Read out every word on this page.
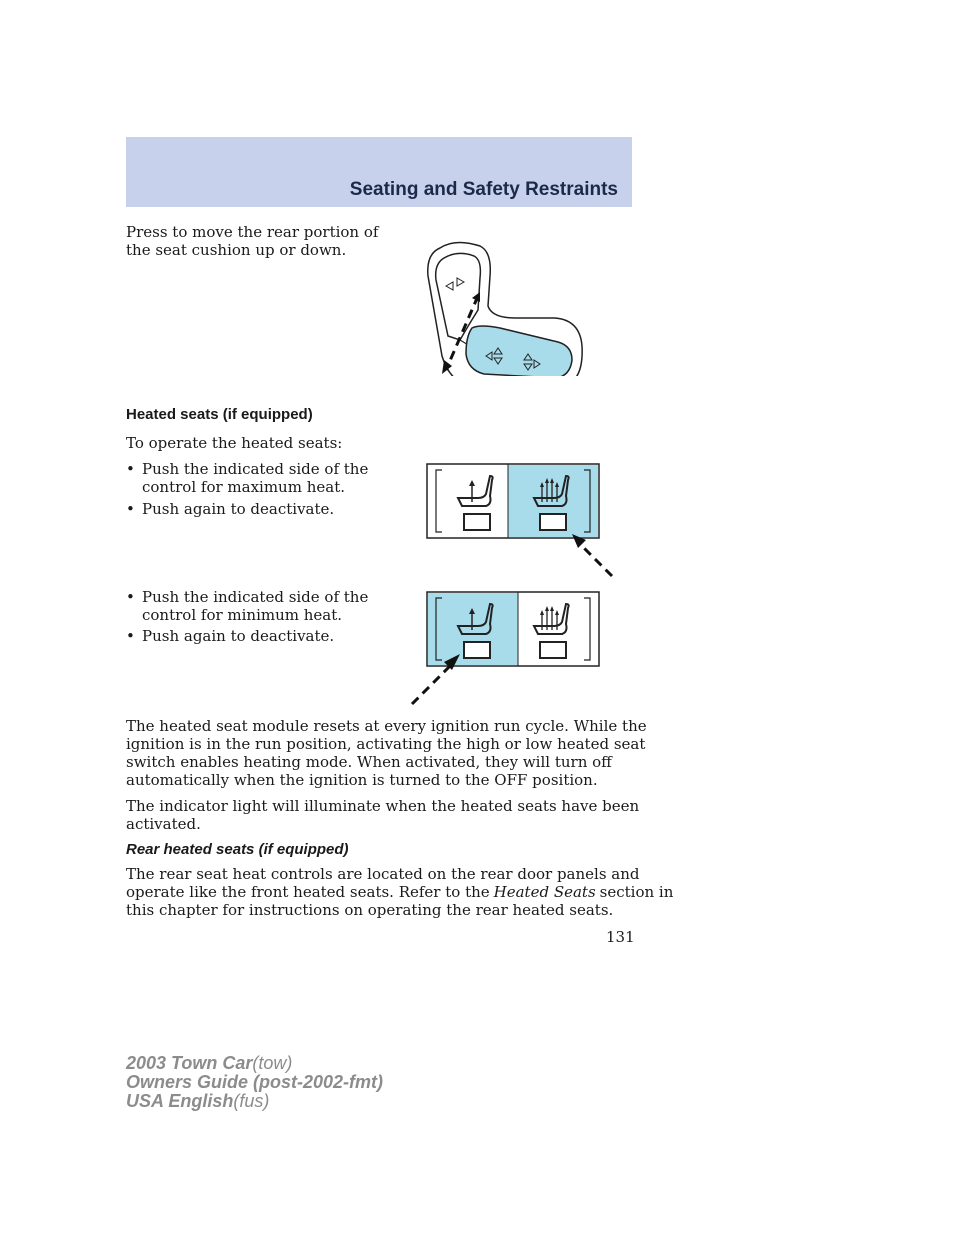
Seating and Safety Restraints

Press to move the rear portion of

the seat cushion up or down.

Heated seats (if equipped)

To operate the heated seats:

• Push the indicated side of the
control for maximum heat.
• Push again to deactivate.
• Push the indicated side of the
control for minimum heat.
• Push again to deactivate.

The heated seat module resets at every ignition run cycle. While the

ignition is in the run position, activating the high or low heated seat

switch enables heating mode. When activated, they will turn off

automatically when the ignition is turned to the OFF position.

The indicator light will illuminate when the heated seats have been

activated.

Rear heated seats (if equipped)

The rear seat heat controls are located on the rear door panels and

operate like the front heated seats. Refer to the Heated Seats section in

this chapter for instructions on operating the rear heated seats.

131
2003 Town Car(tow)
Owners Guide (post-2002-fmt)
USA English(fus)
